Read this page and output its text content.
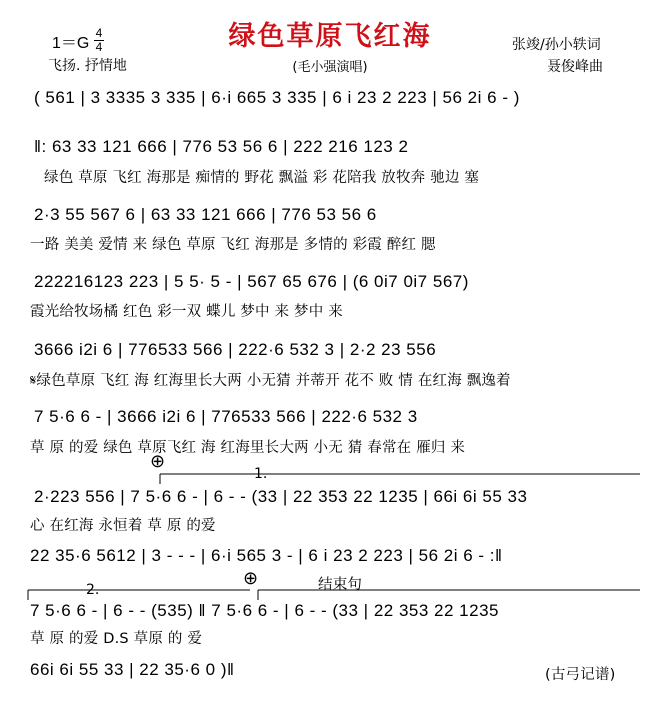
绿色草原飞红海
1＝G
4
4
飞扬. 抒情地	(毛小强演唱)
张竣/孙小轶词
聂俊峰曲
( 561 | 3 3335 3 335 | 6·i 665 3 335 | 6 i 23 2 223 | 56 2i 6 - )
‖: 63 33 121 666 | 776 53 56 6 | 222 216 123 2
绿色 草原 飞红 海那是 痴情的 野花 飘溢 彩 花陪我 放牧奔 驰边 塞
2·3 55 567 6 | 63 33 121 666 | 776 53 56 6
一路 美美 爱情 来 绿色 草原 飞红 海那是 多情的 彩霞 醉红 腮
222216123 223 | 5 5· 5 - | 567 65 676 | (6 0i7 0i7 567)
霞光给牧场橘 红色 彩一双 蝶儿 梦中 来 梦中 来
3666 i2i 6 | 776533 566 | 222·6 532 3 | 2·2 23 556
𝄋绿色草原 飞红 海 红海里长大两 小无猜 并蒂开 花不 败 情 在红海 飘逸着
7 5·6 6 - | 3666 i2i 6 | 776533 566 | 222·6 532 3
草 原 的爱 绿色 草原飞红 海 红海里长大两 小无 猜 春常在 雁归 来
2·223 556 | 7 5·6 6 - | 6 - - (33 | 22 353 22 1235 | 66i 6i 55 33
心 在红海 永恒着 草 原 的爱
22 35·6 5612 | 3 - - - | 6·i 565 3 - | 6 i 23 2 223 | 56 2i 6 - :‖
7 5·6 6 - | 6 - - (535) ‖ 7 5·6 6 - | 6 - - (33 | 22 353 22 1235
草 原 的爱 D.S 草原 的 爱
66i 6i 55 33 | 22 35·6 0 )‖
⊕
1.
⊕
2.	结束句
(古弓记谱)
